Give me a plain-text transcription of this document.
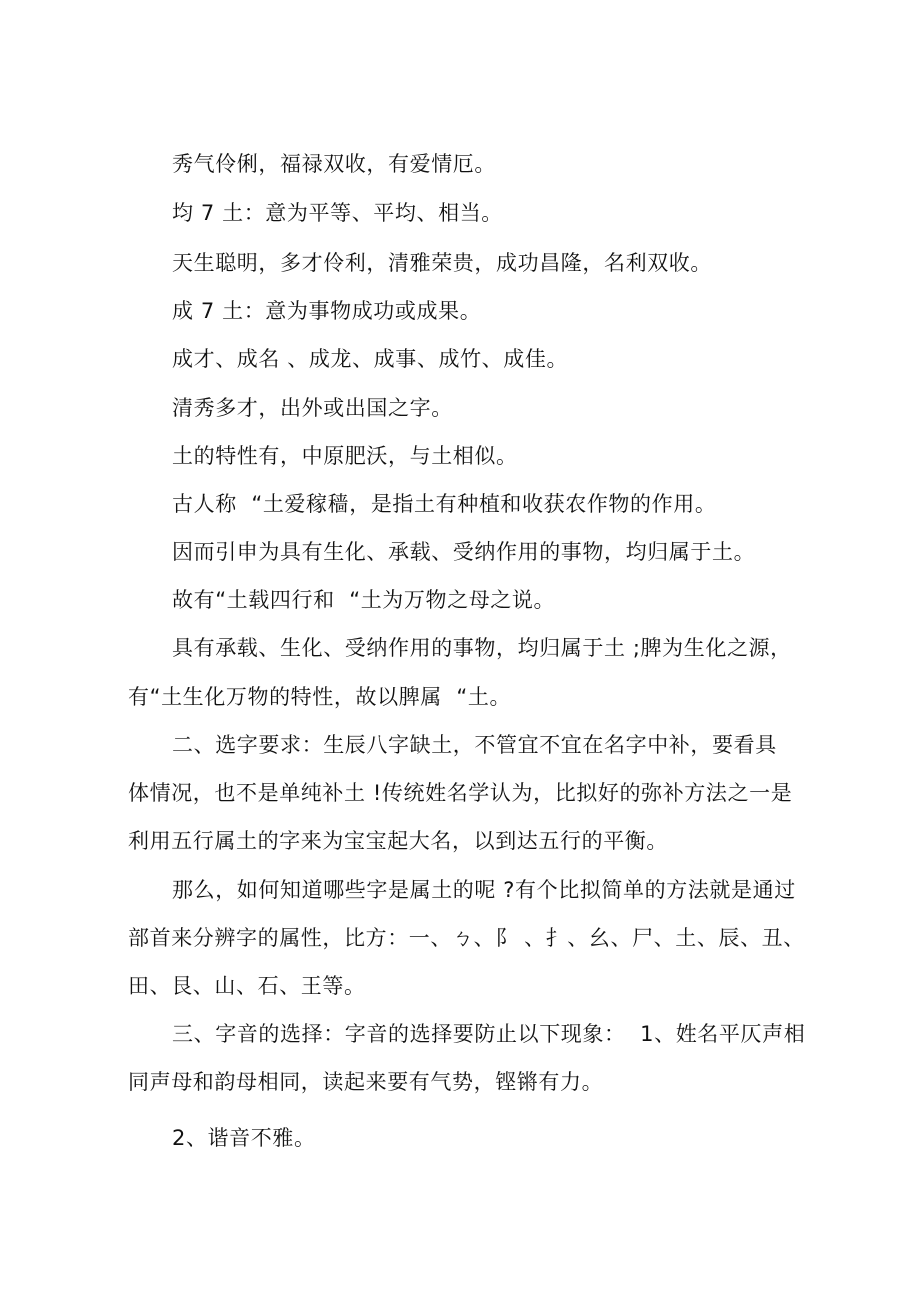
秀气伶俐，福禄双收，有爱情厄。
均 7 土：意为平等、平均、相当。
天生聪明，多才伶利，清雅荣贵，成功昌隆，名利双收。
成 7 土：意为事物成功或成果。
成才、成名 、成龙、成事、成竹、成佳。
清秀多才，出外或出国之字。
土的特性有，中原肥沃，与土相似。
古人称  “土爱稼穑，是指土有种植和收获农作物的作用。
因而引申为具有生化、承载、受纳作用的事物，均归属于土。
故有“土载四行和  “土为万物之母之说。
具有承载、生化、受纳作用的事物，均归属于土 ;脾为生化之源，
有“土生化万物的特性，故以脾属  “土。
二、选字要求：生辰八字缺土，不管宜不宜在名字中补，要看具
体情况，也不是单纯补土 !传统姓名学认为，比拟好的弥补方法之一是
利用五行属土的字来为宝宝起大名，以到达五行的平衡。
那么，如何知道哪些字是属土的呢 ?有个比拟简单的方法就是通过
部首来分辨字的属性，比方：一、ㄅ、阝 、扌、幺、尸、土、辰、丑、
田、艮、山、石、王等。
三、字音的选择：字音的选择要防止以下现象：  1、姓名平仄声相
同声母和韵母相同，读起来要有气势，铿锵有力。
2、谐音不雅。
